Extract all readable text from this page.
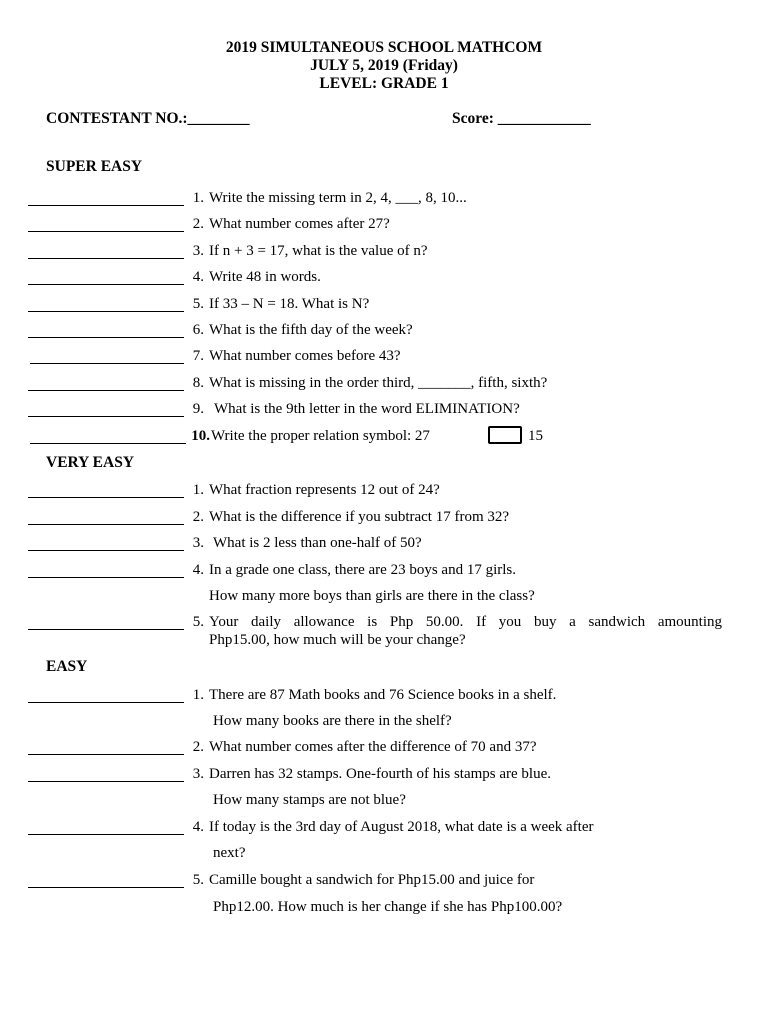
2019 SIMULTANEOUS SCHOOL MATHCOM
JULY 5, 2019 (Friday)
LEVEL: GRADE 1
CONTESTANT NO.:________	Score: ____________
SUPER EASY
1. Write the missing term in 2, 4, ___, 8, 10...
2. What number comes after 27?
3. If n + 3 = 17, what is the value of n?
4. Write 48 in words.
5. If 33 – N = 18. What is N?
6. What is the fifth day of the week?
7. What number comes before 43?
8. What is missing in the order third, _______, fifth, sixth?
9. What is the 9th letter in the word ELIMINATION?
10. Write the proper relation symbol: 27	15
VERY EASY
1. What fraction represents 12 out of 24?
2. What is the difference if you subtract 17 from 32?
3. What is 2 less than one-half of 50?
4. In a grade one class, there are 23 boys and 17 girls.
How many more boys than girls are there in the class?
5. Your daily allowance is Php 50.00. If you buy a sandwich amounting
Php15.00, how much will be your change?
EASY
1. There are 87 Math books and 76 Science books in a shelf.
How many books are there in the shelf?
2. What number comes after the difference of 70 and 37?
3. Darren has 32 stamps. One-fourth of his stamps are blue.
How many stamps are not blue?
4. If today is the 3rd day of August 2018, what date is a week after
next?
5. Camille bought a sandwich for Php15.00 and juice for
Php12.00. How much is her change if she has Php100.00?
